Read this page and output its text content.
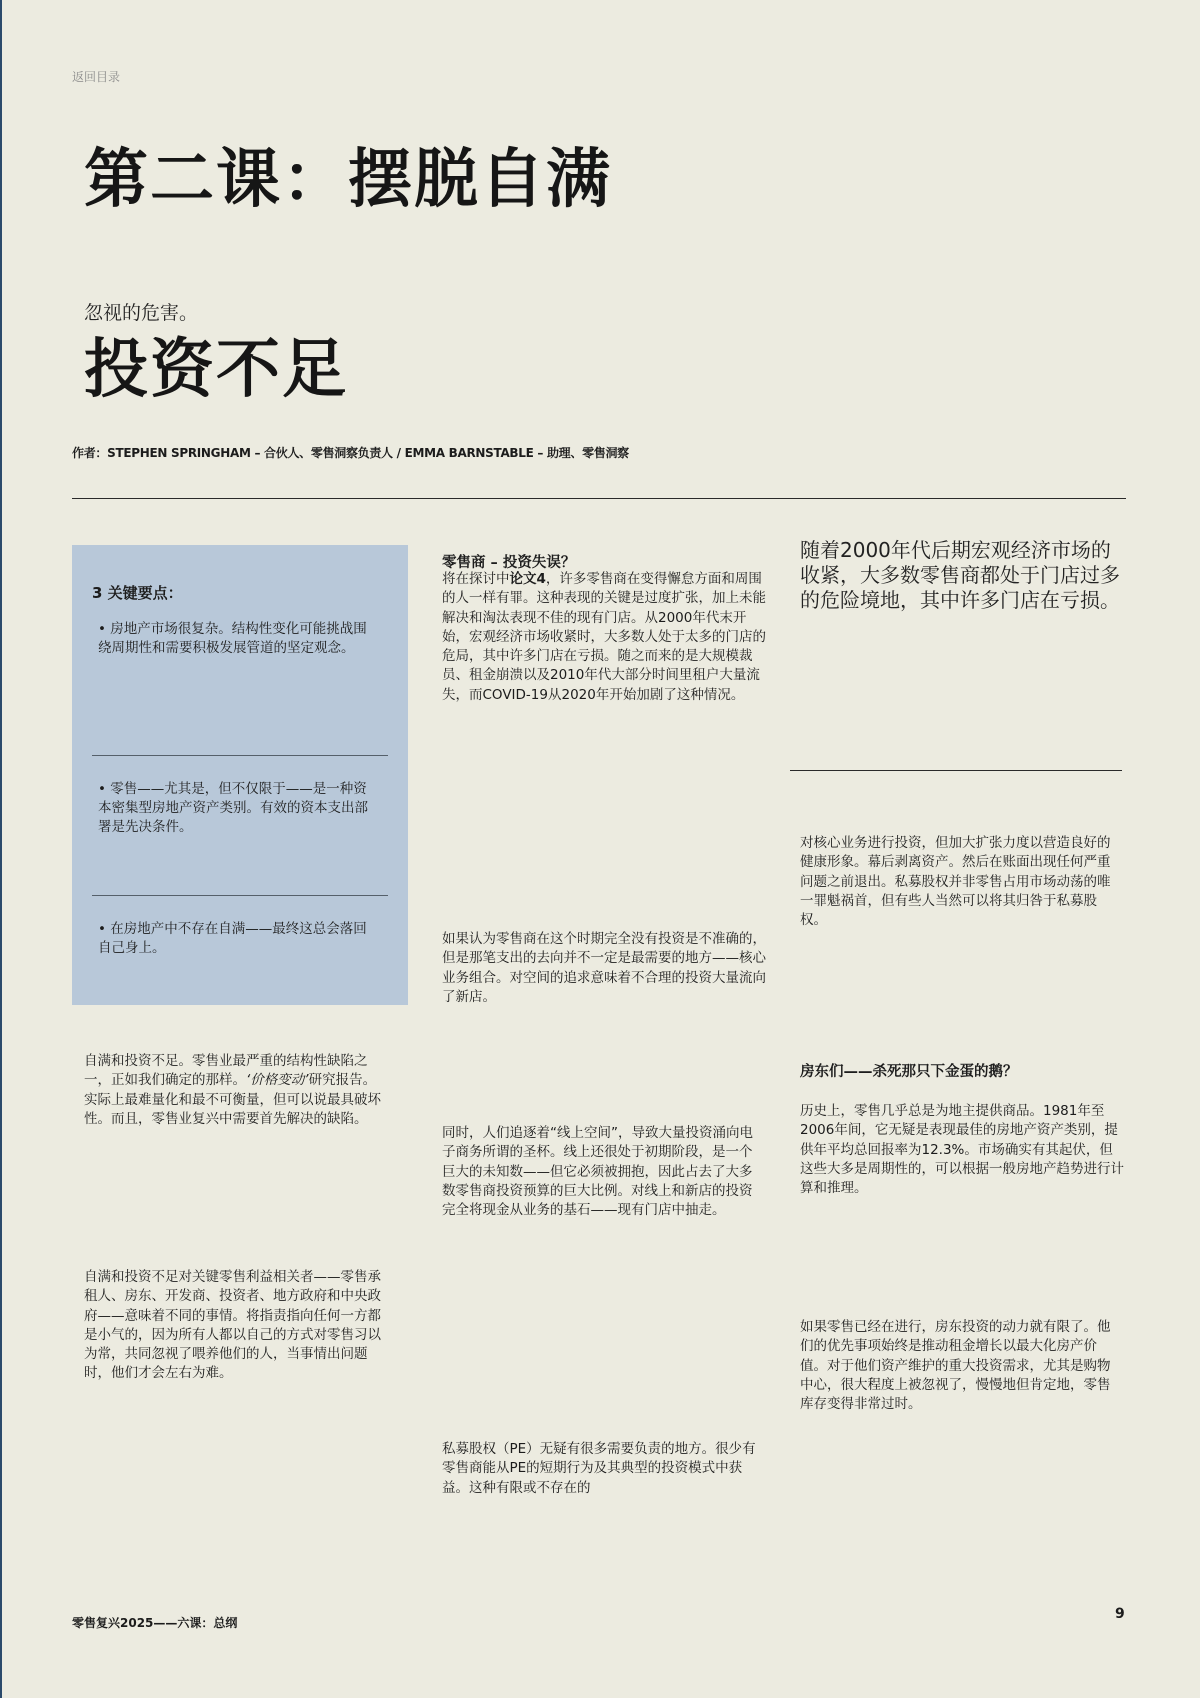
返回目录
第二课：摆脱自满
忽视的危害。
投资不足
作者：STEPHEN SPRINGHAM – 合伙人、零售洞察负责人 / EMMA BARNSTABLE – 助理、零售洞察
3 关键要点：
• 房地产市场很复杂。结构性变化可能挑战围绕周期性和需要积极发展管道的坚定观念。
• 零售——尤其是，但不仅限于——是一种资本密集型房地产资产类别。有效的资本支出部署是先决条件。
• 在房地产中不存在自满——最终这总会落回自己身上。
自满和投资不足。零售业最严重的结构性缺陷之一，正如我们确定的那样。‘价格变动’研究报告。实际上最难量化和最不可衡量，但可以说最具破坏性。而且，零售业复兴中需要首先解决的缺陷。
自满和投资不足对关键零售利益相关者——零售承租人、房东、开发商、投资者、地方政府和中央政府——意味着不同的事情。将指责指向任何一方都是小气的，因为所有人都以自己的方式对零售习以为常，共同忽视了喂养他们的人，当事情出问题时，他们才会左右为难。
零售商 – 投资失误？
将在探讨中论文4，许多零售商在变得懈怠方面和周围的人一样有罪。这种表现的关键是过度扩张，加上未能解决和淘汰表现不佳的现有门店。从2000年代末开始，宏观经济市场收紧时，大多数人处于太多的门店的危局，其中许多门店在亏损。随之而来的是大规模裁员、租金崩溃以及2010年代大部分时间里租户大量流失，而COVID-19从2020年开始加剧了这种情况。
如果认为零售商在这个时期完全没有投资是不准确的，但是那笔支出的去向并不一定是最需要的地方——核心业务组合。对空间的追求意味着不合理的投资大量流向了新店。
同时，人们追逐着“线上空间”，导致大量投资涌向电子商务所谓的圣杯。线上还很处于初期阶段，是一个巨大的未知数——但它必须被拥抱，因此占去了大多数零售商投资预算的巨大比例。对线上和新店的投资完全将现金从业务的基石——现有门店中抽走。
私募股权（PE）无疑有很多需要负责的地方。很少有零售商能从PE的短期行为及其典型的投资模式中获益。这种有限或不存在的
随着2000年代后期宏观经济市场的收紧，大多数零售商都处于门店过多的危险境地，其中许多门店在亏损。
对核心业务进行投资，但加大扩张力度以营造良好的健康形象。幕后剥离资产。然后在账面出现任何严重问题之前退出。私募股权并非零售占用市场动荡的唯一罪魁祸首，但有些人当然可以将其归咎于私募股权。
房东们——杀死那只下金蛋的鹅？
历史上，零售几乎总是为地主提供商品。1981年至2006年间，它无疑是表现最佳的房地产资产类别，提供年平均总回报率为12.3%。市场确实有其起伏，但这些大多是周期性的，可以根据一般房地产趋势进行计算和推理。
如果零售已经在进行，房东投资的动力就有限了。他们的优先事项始终是推动租金增长以最大化房产价值。对于他们资产维护的重大投资需求，尤其是购物中心，很大程度上被忽视了，慢慢地但肯定地，零售库存变得非常过时。
零售复兴2025——六课：总纲
9
